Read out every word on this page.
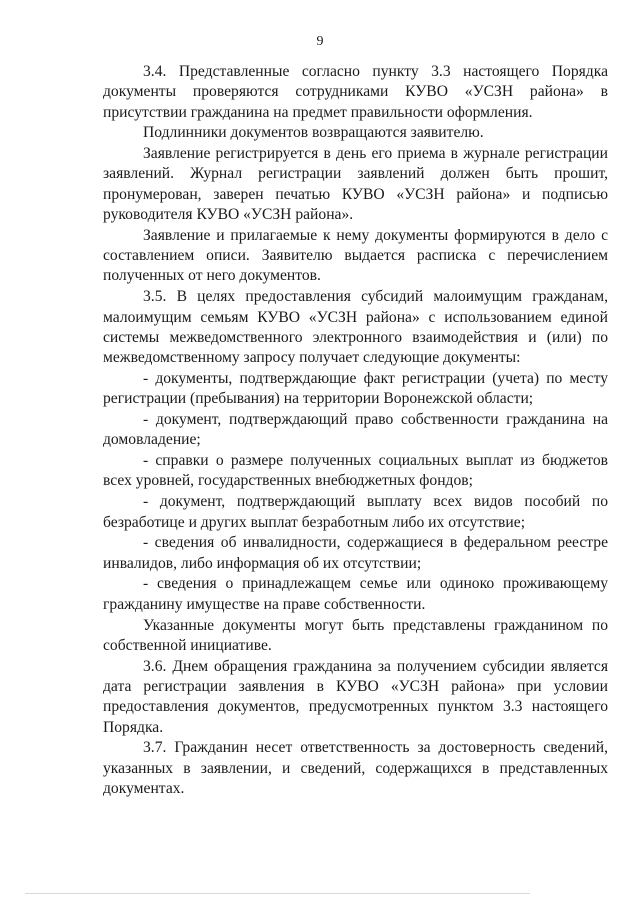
9

3.4. Представленные согласно пункту 3.3 настоящего Порядка документы проверяются сотрудниками КУВО «УСЗН района» в присутствии гражданина на предмет правильности оформления.

Подлинники документов возвращаются заявителю.

Заявление регистрируется в день его приема в журнале регистрации заявлений. Журнал регистрации заявлений должен быть прошит, пронумерован, заверен печатью КУВО «УСЗН района» и подписью руководителя КУВО «УСЗН района».

Заявление и прилагаемые к нему документы формируются в дело с составлением описи. Заявителю выдается расписка с перечислением полученных от него документов.

3.5. В целях предоставления субсидий малоимущим гражданам, малоимущим семьям КУВО «УСЗН района» с использованием единой системы межведомственного электронного взаимодействия и (или) по межведомственному запросу получает следующие документы:

- документы, подтверждающие факт регистрации (учета) по месту регистрации (пребывания) на территории Воронежской области;

- документ, подтверждающий право собственности гражданина на домовладение;

- справки о размере полученных социальных выплат из бюджетов всех уровней, государственных внебюджетных фондов;

- документ, подтверждающий выплату всех видов пособий по безработице и других выплат безработным либо их отсутствие;

- сведения об инвалидности, содержащиеся в федеральном реестре инвалидов, либо информация об их отсутствии;

- сведения о принадлежащем семье или одиноко проживающему гражданину имуществе на праве собственности.

Указанные документы могут быть представлены гражданином по собственной инициативе.

3.6. Днем обращения гражданина за получением субсидии является дата регистрации заявления в КУВО «УСЗН района» при условии предоставления документов, предусмотренных пунктом 3.3 настоящего Порядка.

3.7. Гражданин несет ответственность за достоверность сведений, указанных в заявлении, и сведений, содержащихся в представленных документах.
